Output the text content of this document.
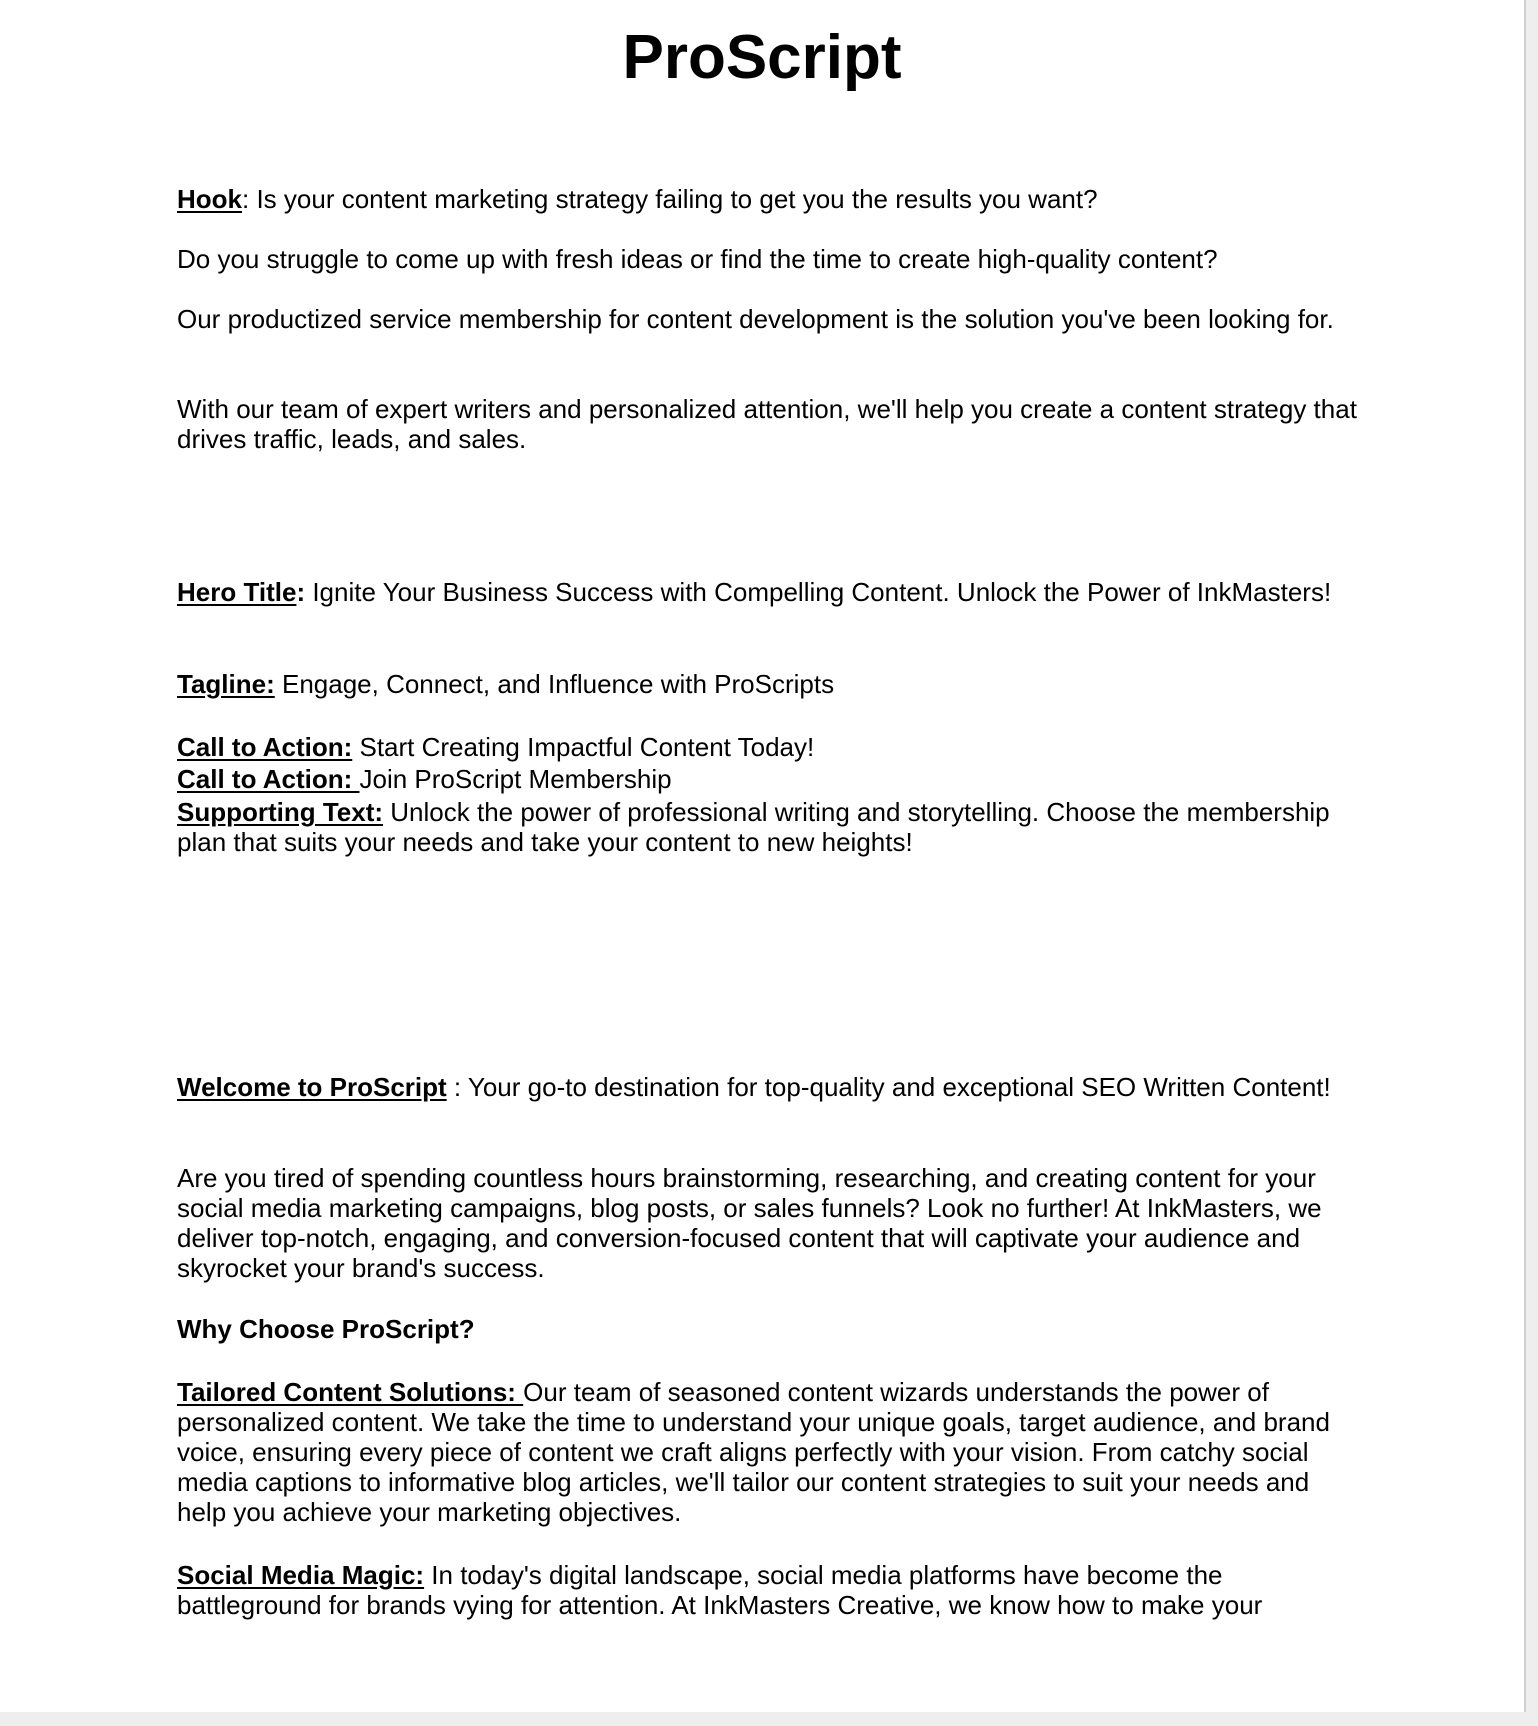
ProScript

Hook: Is your content marketing strategy failing to get you the results you want?

Do you struggle to come up with fresh ideas or find the time to create high-quality content?

Our productized service membership for content development is the solution you've been looking for.

With our team of expert writers and personalized attention, we'll help you create a content strategy that drives traffic, leads, and sales.

Hero Title: Ignite Your Business Success with Compelling Content. Unlock the Power of InkMasters!

Tagline: Engage, Connect, and Influence with ProScripts

Call to Action: Start Creating Impactful Content Today!

Call to Action: Join ProScript Membership

Supporting Text: Unlock the power of professional writing and storytelling. Choose the membership plan that suits your needs and take your content to new heights!

Welcome to ProScript : Your go-to destination for top-quality and exceptional SEO Written Content!

Are you tired of spending countless hours brainstorming, researching, and creating content for your social media marketing campaigns, blog posts, or sales funnels? Look no further! At InkMasters, we deliver top-notch, engaging, and conversion-focused content that will captivate your audience and skyrocket your brand's success.

Why Choose ProScript?

Tailored Content Solutions: Our team of seasoned content wizards understands the power of personalized content. We take the time to understand your unique goals, target audience, and brand voice, ensuring every piece of content we craft aligns perfectly with your vision. From catchy social media captions to informative blog articles, we'll tailor our content strategies to suit your needs and help you achieve your marketing objectives.

Social Media Magic: In today's digital landscape, social media platforms have become the battleground for brands vying for attention. At InkMasters Creative, we know how to make your
